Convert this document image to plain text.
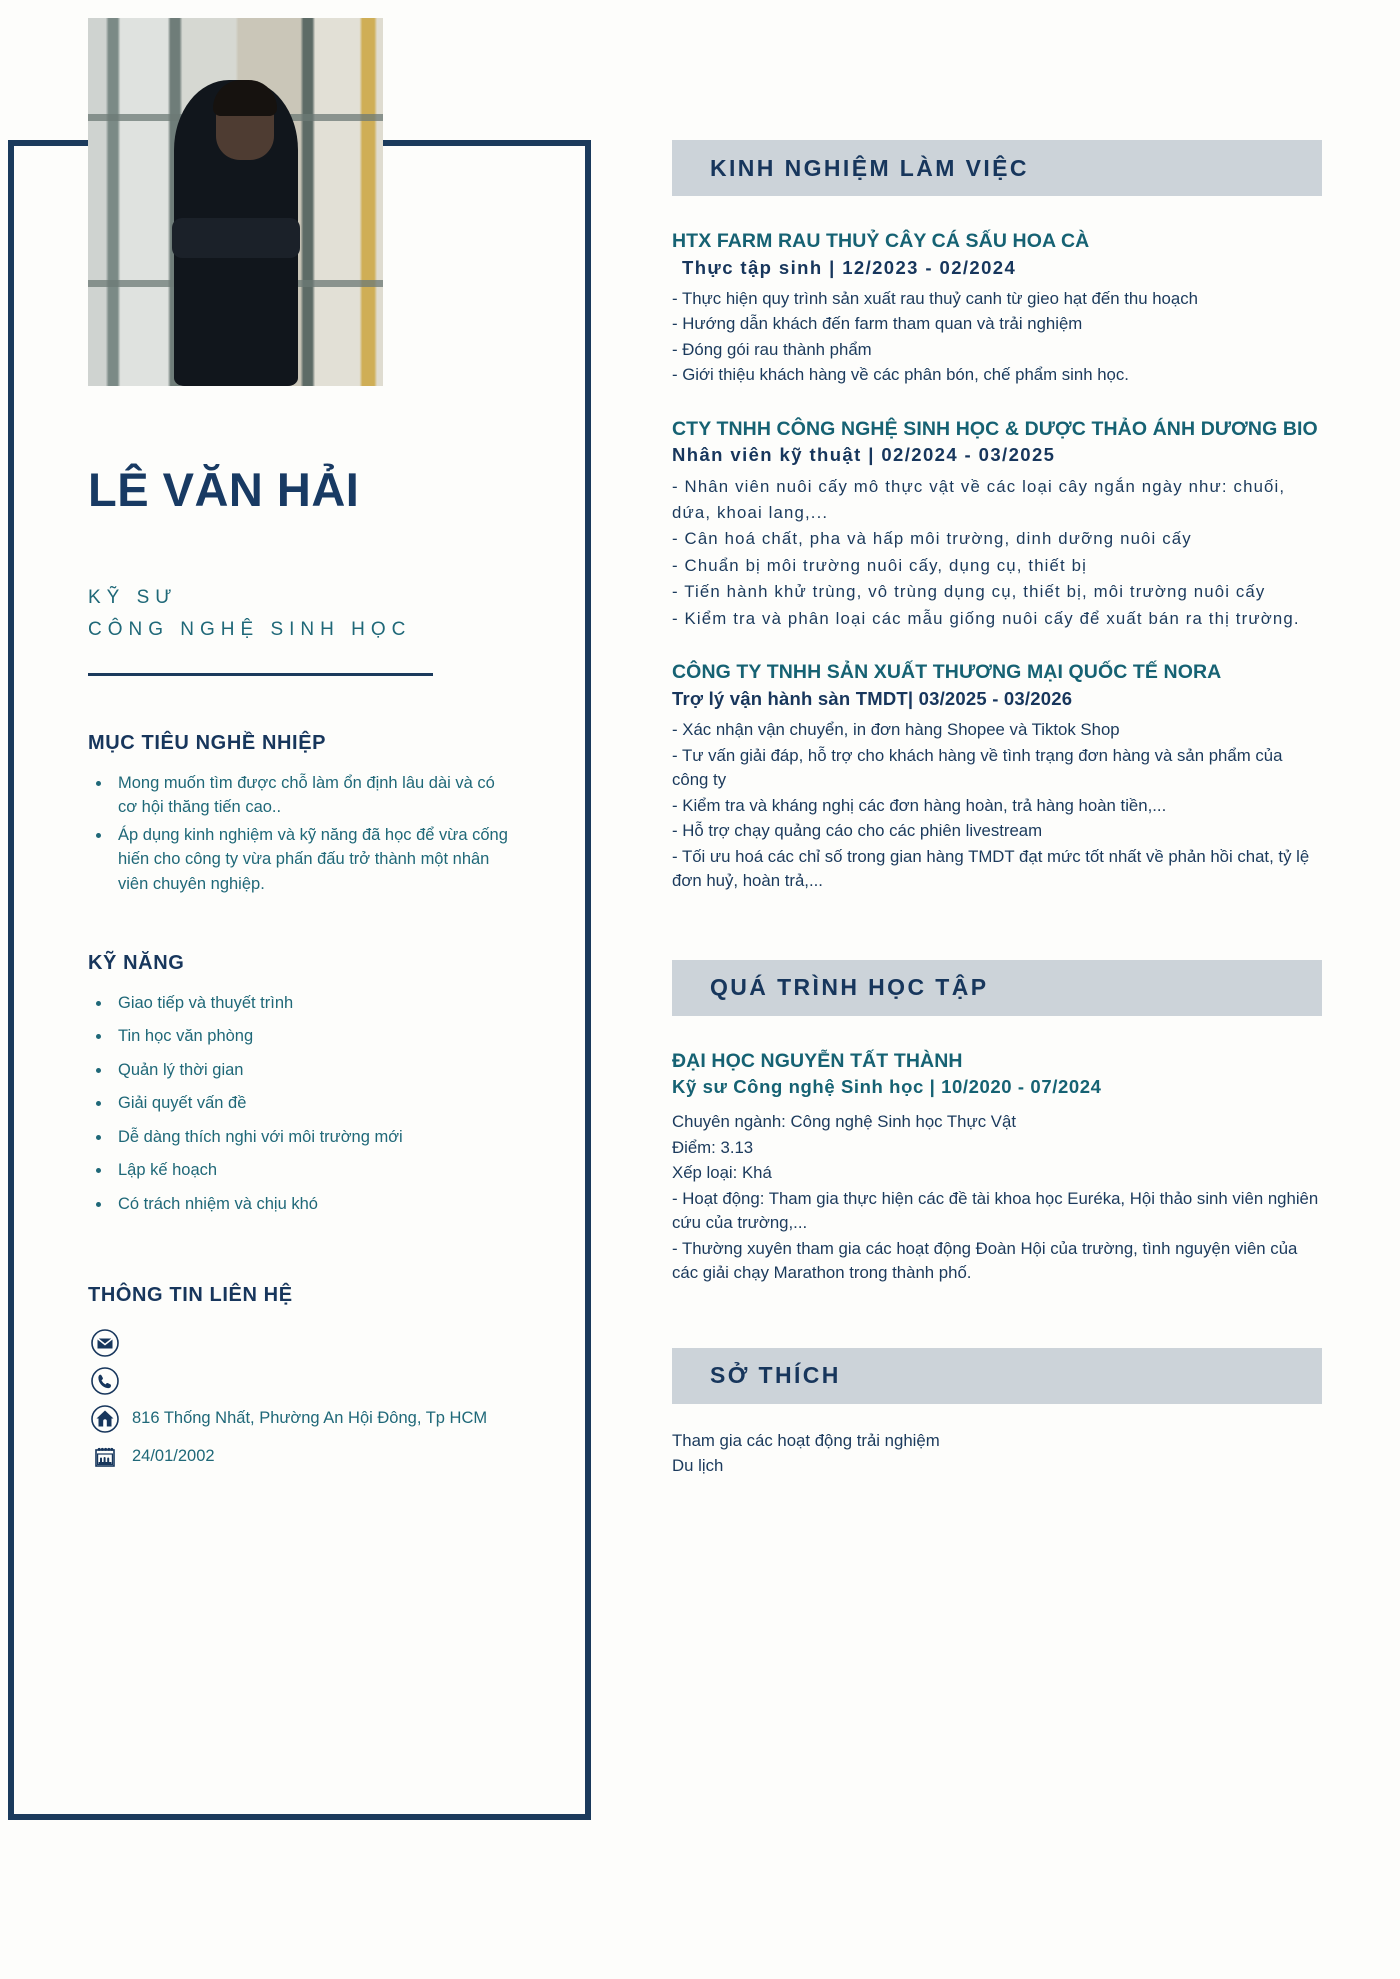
LÊ VĂN HẢI
KỸ SƯ
CÔNG NGHỆ SINH HỌC
MỤC TIÊU NGHỀ NHIỆP
Mong muốn tìm được chỗ làm ổn định lâu dài và có cơ hội thăng tiến cao..
Áp dụng kinh nghiệm và kỹ năng đã học để vừa cống hiến cho công ty vừa phấn đấu trở thành một nhân viên chuyên nghiệp.
KỸ NĂNG
Giao tiếp và thuyết trình
Tin học văn phòng
Quản lý thời gian
Giải quyết vấn đề
Dễ dàng thích nghi với môi trường mới
Lập kế hoạch
Có trách nhiệm và chịu khó
THÔNG TIN LIÊN HỆ
816 Thống Nhất, Phường An Hội Đông, Tp HCM
24/01/2002
KINH NGHIỆM LÀM VIỆC
HTX FARM RAU THUỶ CÂY CÁ SẤU HOA CÀ
Thực tập sinh | 12/2023 - 02/2024

- Thực hiện quy trình sản xuất rau thuỷ canh từ gieo hạt đến thu hoạch

- Hướng dẫn khách đến farm tham quan và trải nghiệm

- Đóng gói rau thành phẩm

- Giới thiệu khách hàng về các phân bón, chế phẩm sinh học.

CTY TNHH CÔNG NGHỆ SINH HỌC & DƯỢC THẢO ÁNH DƯƠNG BIO
Nhân viên kỹ thuật | 02/2024 - 03/2025

- Nhân viên nuôi cấy mô thực vật về các loại cây ngắn ngày như: chuối, dứa, khoai lang,...

- Cân hoá chất, pha và hấp môi trường, dinh dưỡng nuôi cấy

- Chuẩn bị môi trường nuôi cấy, dụng cụ, thiết bị

- Tiến hành khử trùng, vô trùng dụng cụ, thiết bị, môi trường nuôi cấy

- Kiểm tra và phân loại các mẫu giống nuôi cấy để xuất bán ra thị trường.

CÔNG TY TNHH SẢN XUẤT THƯƠNG MẠI QUỐC TẾ NORA
Trợ lý vận hành sàn TMDT| 03/2025 - 03/2026

- Xác nhận vận chuyển, in đơn hàng Shopee và Tiktok Shop

- Tư vấn giải đáp, hỗ trợ cho khách hàng về tình trạng đơn hàng và sản phẩm của công ty

- Kiểm tra và kháng nghị các đơn hàng hoàn, trả hàng hoàn tiền,...

- Hỗ trợ chạy quảng cáo cho các phiên livestream

- Tối ưu hoá các chỉ số trong gian hàng TMDT đạt mức tốt nhất về phản hồi chat, tỷ lệ đơn huỷ, hoàn trả,...

QUÁ TRÌNH HỌC TẬP
ĐẠI HỌC NGUYỄN TẤT THÀNH
Kỹ sư Công nghệ Sinh học | 10/2020 - 07/2024

Chuyên ngành: Công nghệ Sinh học Thực Vật

Điểm: 3.13

Xếp loại: Khá

- Hoạt động: Tham gia thực hiện các đề tài khoa học Euréka, Hội thảo sinh viên nghiên cứu của trường,...

- Thường xuyên tham gia các hoạt động Đoàn Hội của trường, tình nguyện viên của các giải chạy Marathon trong thành phố.

SỞ THÍCH

Tham gia các hoạt động trải nghiệm

Du lịch
